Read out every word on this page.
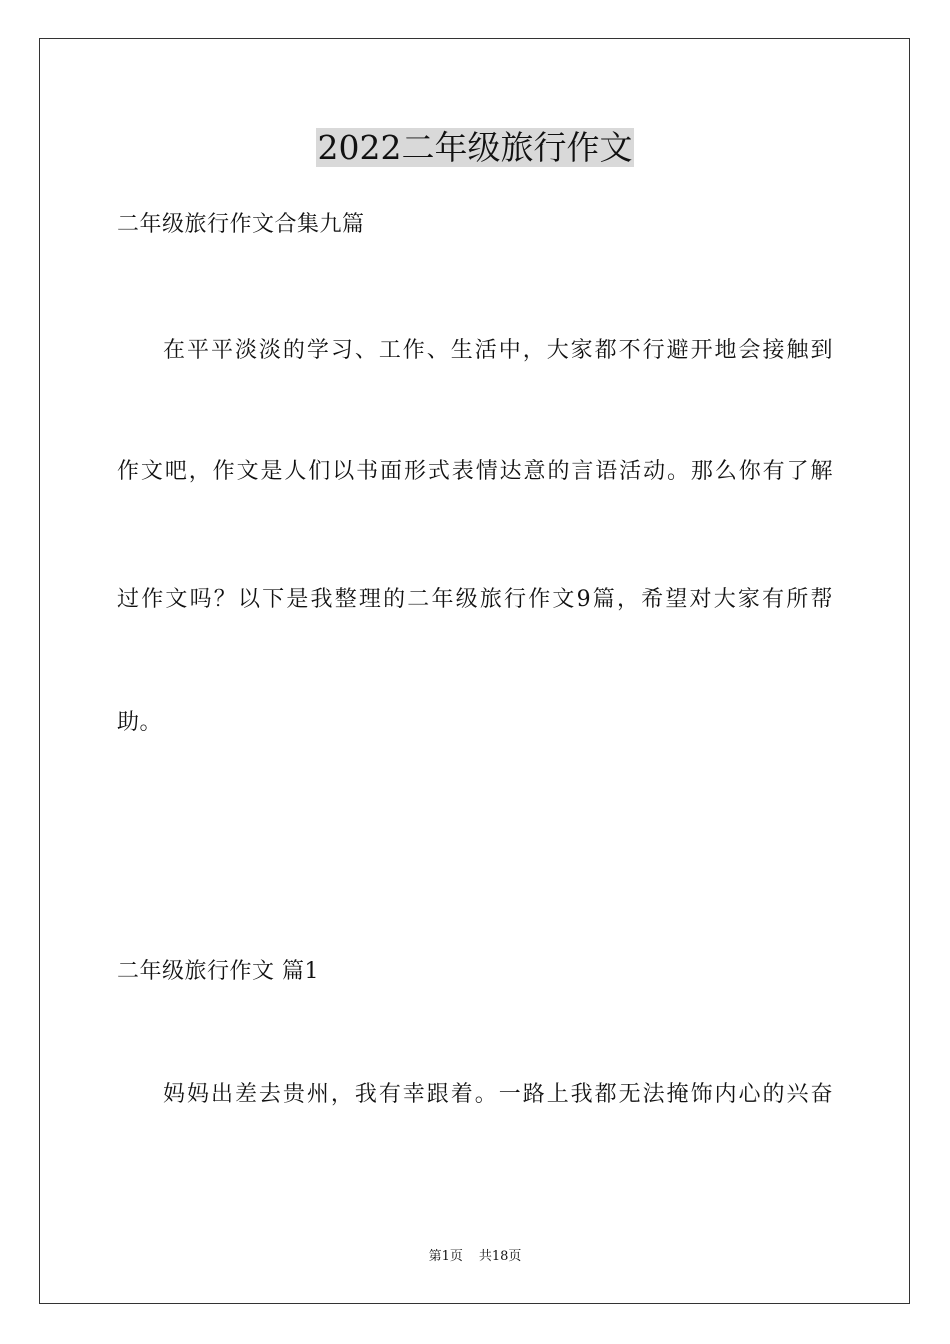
2022二年级旅行作文
二年级旅行作文合集九篇
在平平淡淡的学习、工作、生活中，大家都不行避开地会接触到
作文吧，作文是人们以书面形式表情达意的言语活动。那么你有了解
过作文吗？以下是我整理的二年级旅行作文9篇，希望对大家有所帮
助。
二年级旅行作文 篇1
妈妈出差去贵州，我有幸跟着。一路上我都无法掩饰内心的兴奋
第1页 共18页
